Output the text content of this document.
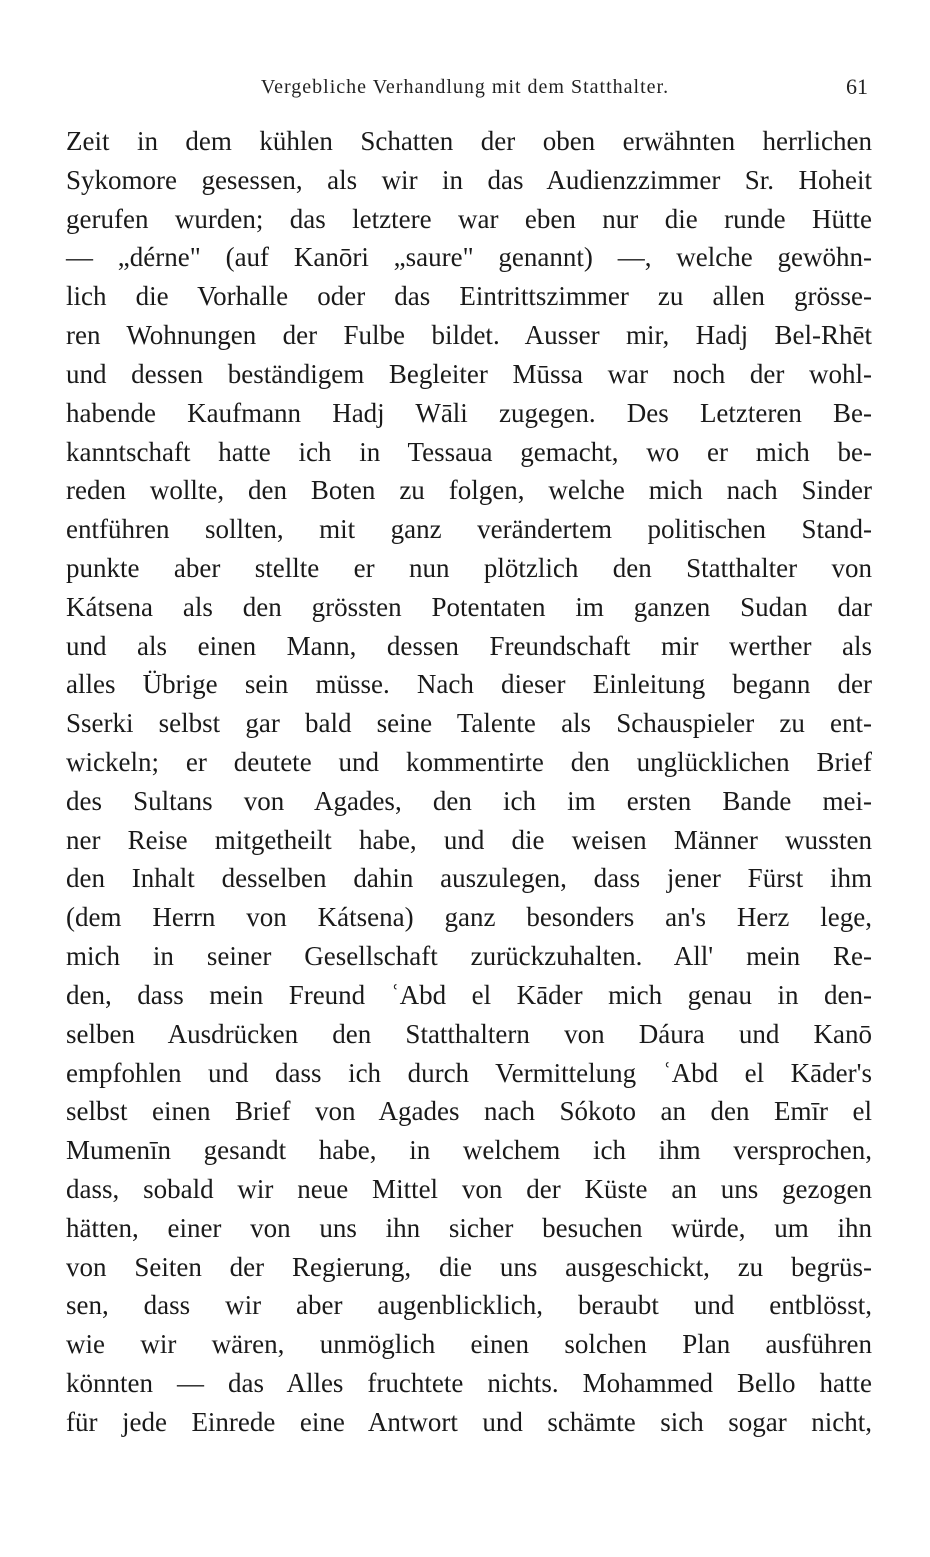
Vergebliche Verhandlung mit dem Statthalter.	61
Zeit in dem kühlen Schatten der oben erwähnten herrlichen
Sykomore gesessen, als wir in das Audienzzimmer Sr. Hoheit
gerufen wurden; das letztere war eben nur die runde Hütte
— „dérne" (auf Kanōri „saure" genannt) —, welche gewöhn-
lich die Vorhalle oder das Eintrittszimmer zu allen grösse-
ren Wohnungen der Fulbe bildet. Ausser mir, Hadj Bel-Rhēt
und dessen beständigem Begleiter Mūssa war noch der wohl-
habende Kaufmann Hadj Wāli zugegen. Des Letzteren Be-
kanntschaft hatte ich in Tessaua gemacht, wo er mich be-
reden wollte, den Boten zu folgen, welche mich nach Sinder
entführen sollten, mit ganz verändertem politischen Stand-
punkte aber stellte er nun plötzlich den Statthalter von
Kátsena als den grössten Potentaten im ganzen Sudan dar
und als einen Mann, dessen Freundschaft mir werther als
alles Übrige sein müsse. Nach dieser Einleitung begann der
Sserki selbst gar bald seine Talente als Schauspieler zu ent-
wickeln; er deutete und kommentirte den unglücklichen Brief
des Sultans von Agades, den ich im ersten Bande mei-
ner Reise mitgetheilt habe, und die weisen Männer wussten
den Inhalt desselben dahin auszulegen, dass jener Fürst ihm
(dem Herrn von Kátsena) ganz besonders an's Herz lege,
mich in seiner Gesellschaft zurückzuhalten. All' mein Re-
den, dass mein Freund ʿAbd el Kāder mich genau in den-
selben Ausdrücken den Statthaltern von Dáura und Kanō
empfohlen und dass ich durch Vermittelung ʿAbd el Kāder's
selbst einen Brief von Agades nach Sókoto an den Emīr el
Mumenīn gesandt habe, in welchem ich ihm versprochen,
dass, sobald wir neue Mittel von der Küste an uns gezogen
hätten, einer von uns ihn sicher besuchen würde, um ihn
von Seiten der Regierung, die uns ausgeschickt, zu begrüs-
sen, dass wir aber augenblicklich, beraubt und entblösst,
wie wir wären, unmöglich einen solchen Plan ausführen
könnten — das Alles fruchtete nichts. Mohammed Bello hatte
für jede Einrede eine Antwort und schämte sich sogar nicht,
